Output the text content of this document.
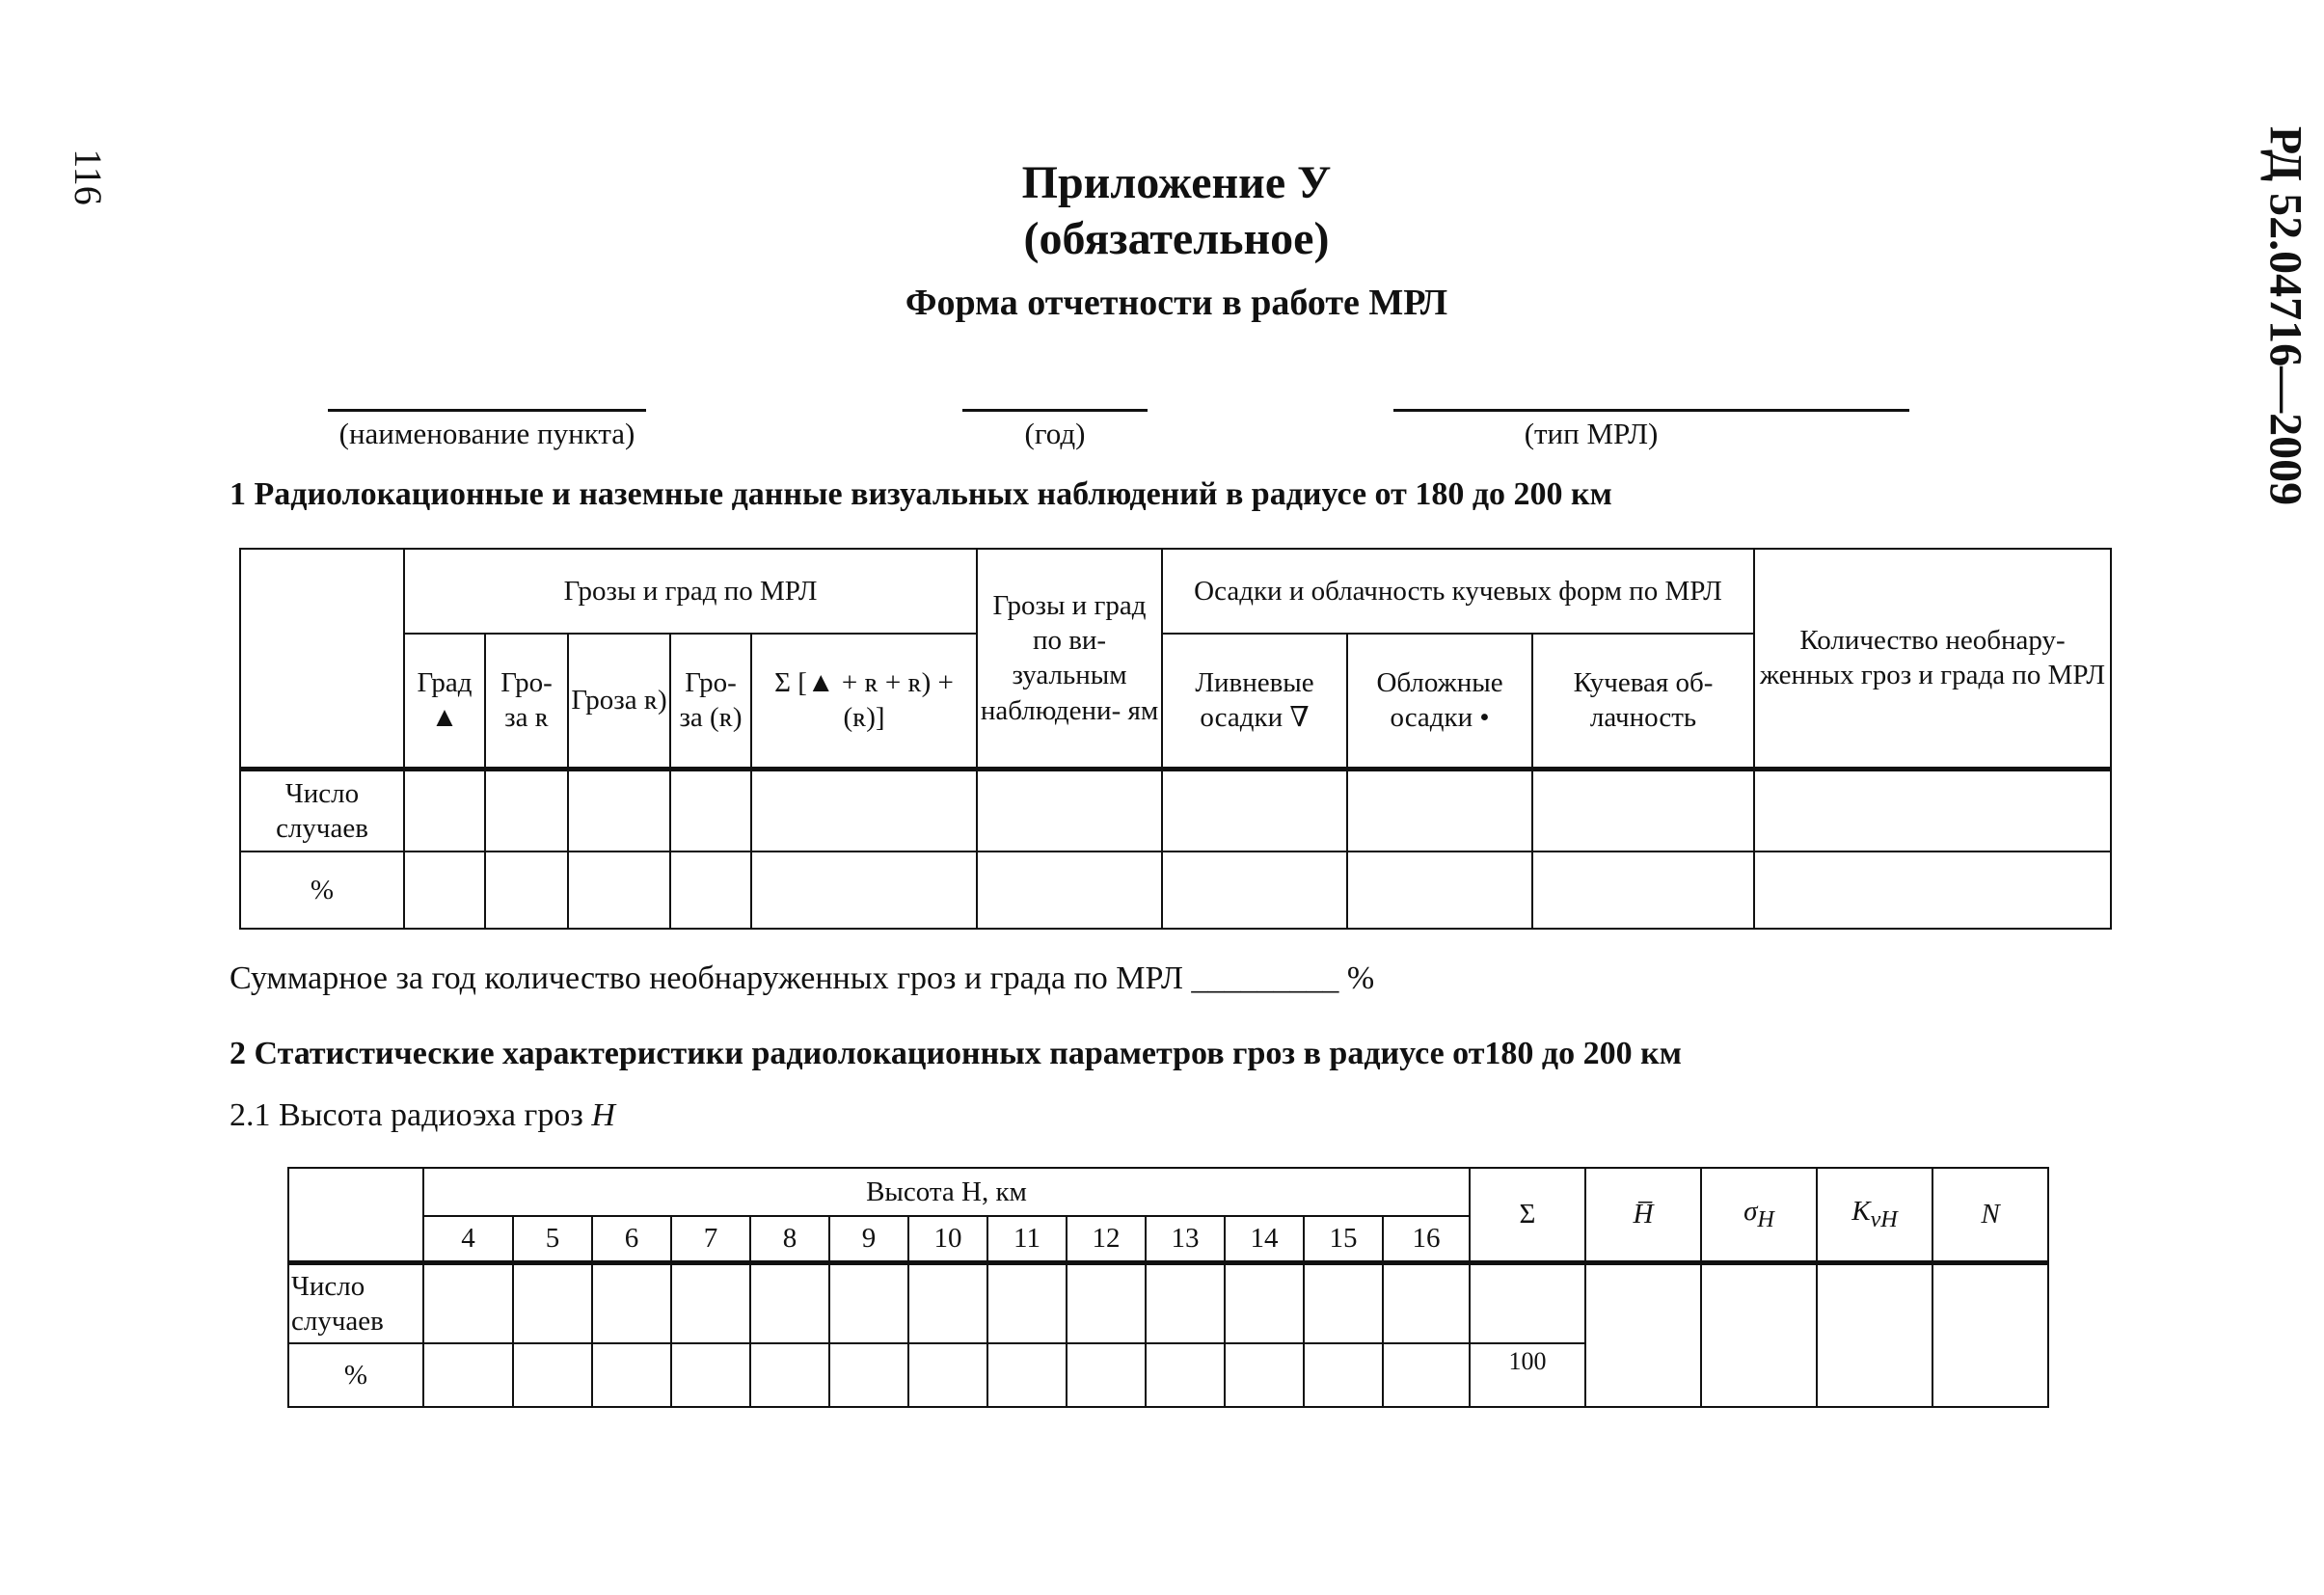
116	РД 52.04716—2009
Приложение У
(обязательное)
Форма отчетности в работе МРЛ
(наименование пункта)	(год)	(тип МРЛ)
1 Радиолокационные и наземные данные визуальных наблюдений в радиусе от 180 до 200 км
	Грозы и град по МРЛ					Грозы и град по ви- зуальным наблюдени- ям	Осадки и облачность кучевых форм по МРЛ			Количество необнару- женных гроз и града по МРЛ
	Град ▲	Гро- за ʀ	Гроза ʀ)	Гро- за (ʀ)	Σ [▲ + ʀ + ʀ) + (ʀ)]		Ливневые осадки ∇	Обложные осадки •	Кучевая об- лачность	
Число случаев										
%										
Суммарное за год количество необнаруженных гроз и града по МРЛ _________ %
2 Статистические характеристики радиолокационных параметров гроз в радиусе от180 до 200 км
2.1 Высота радиоэха гроз H
	Высота H, км													Σ	H̅	$\sigma_H$	$K_{vH}$	N
	4	5	6	7	8	9	10	11	12	13	14	15	16					
Число случаев																		
%														100				
